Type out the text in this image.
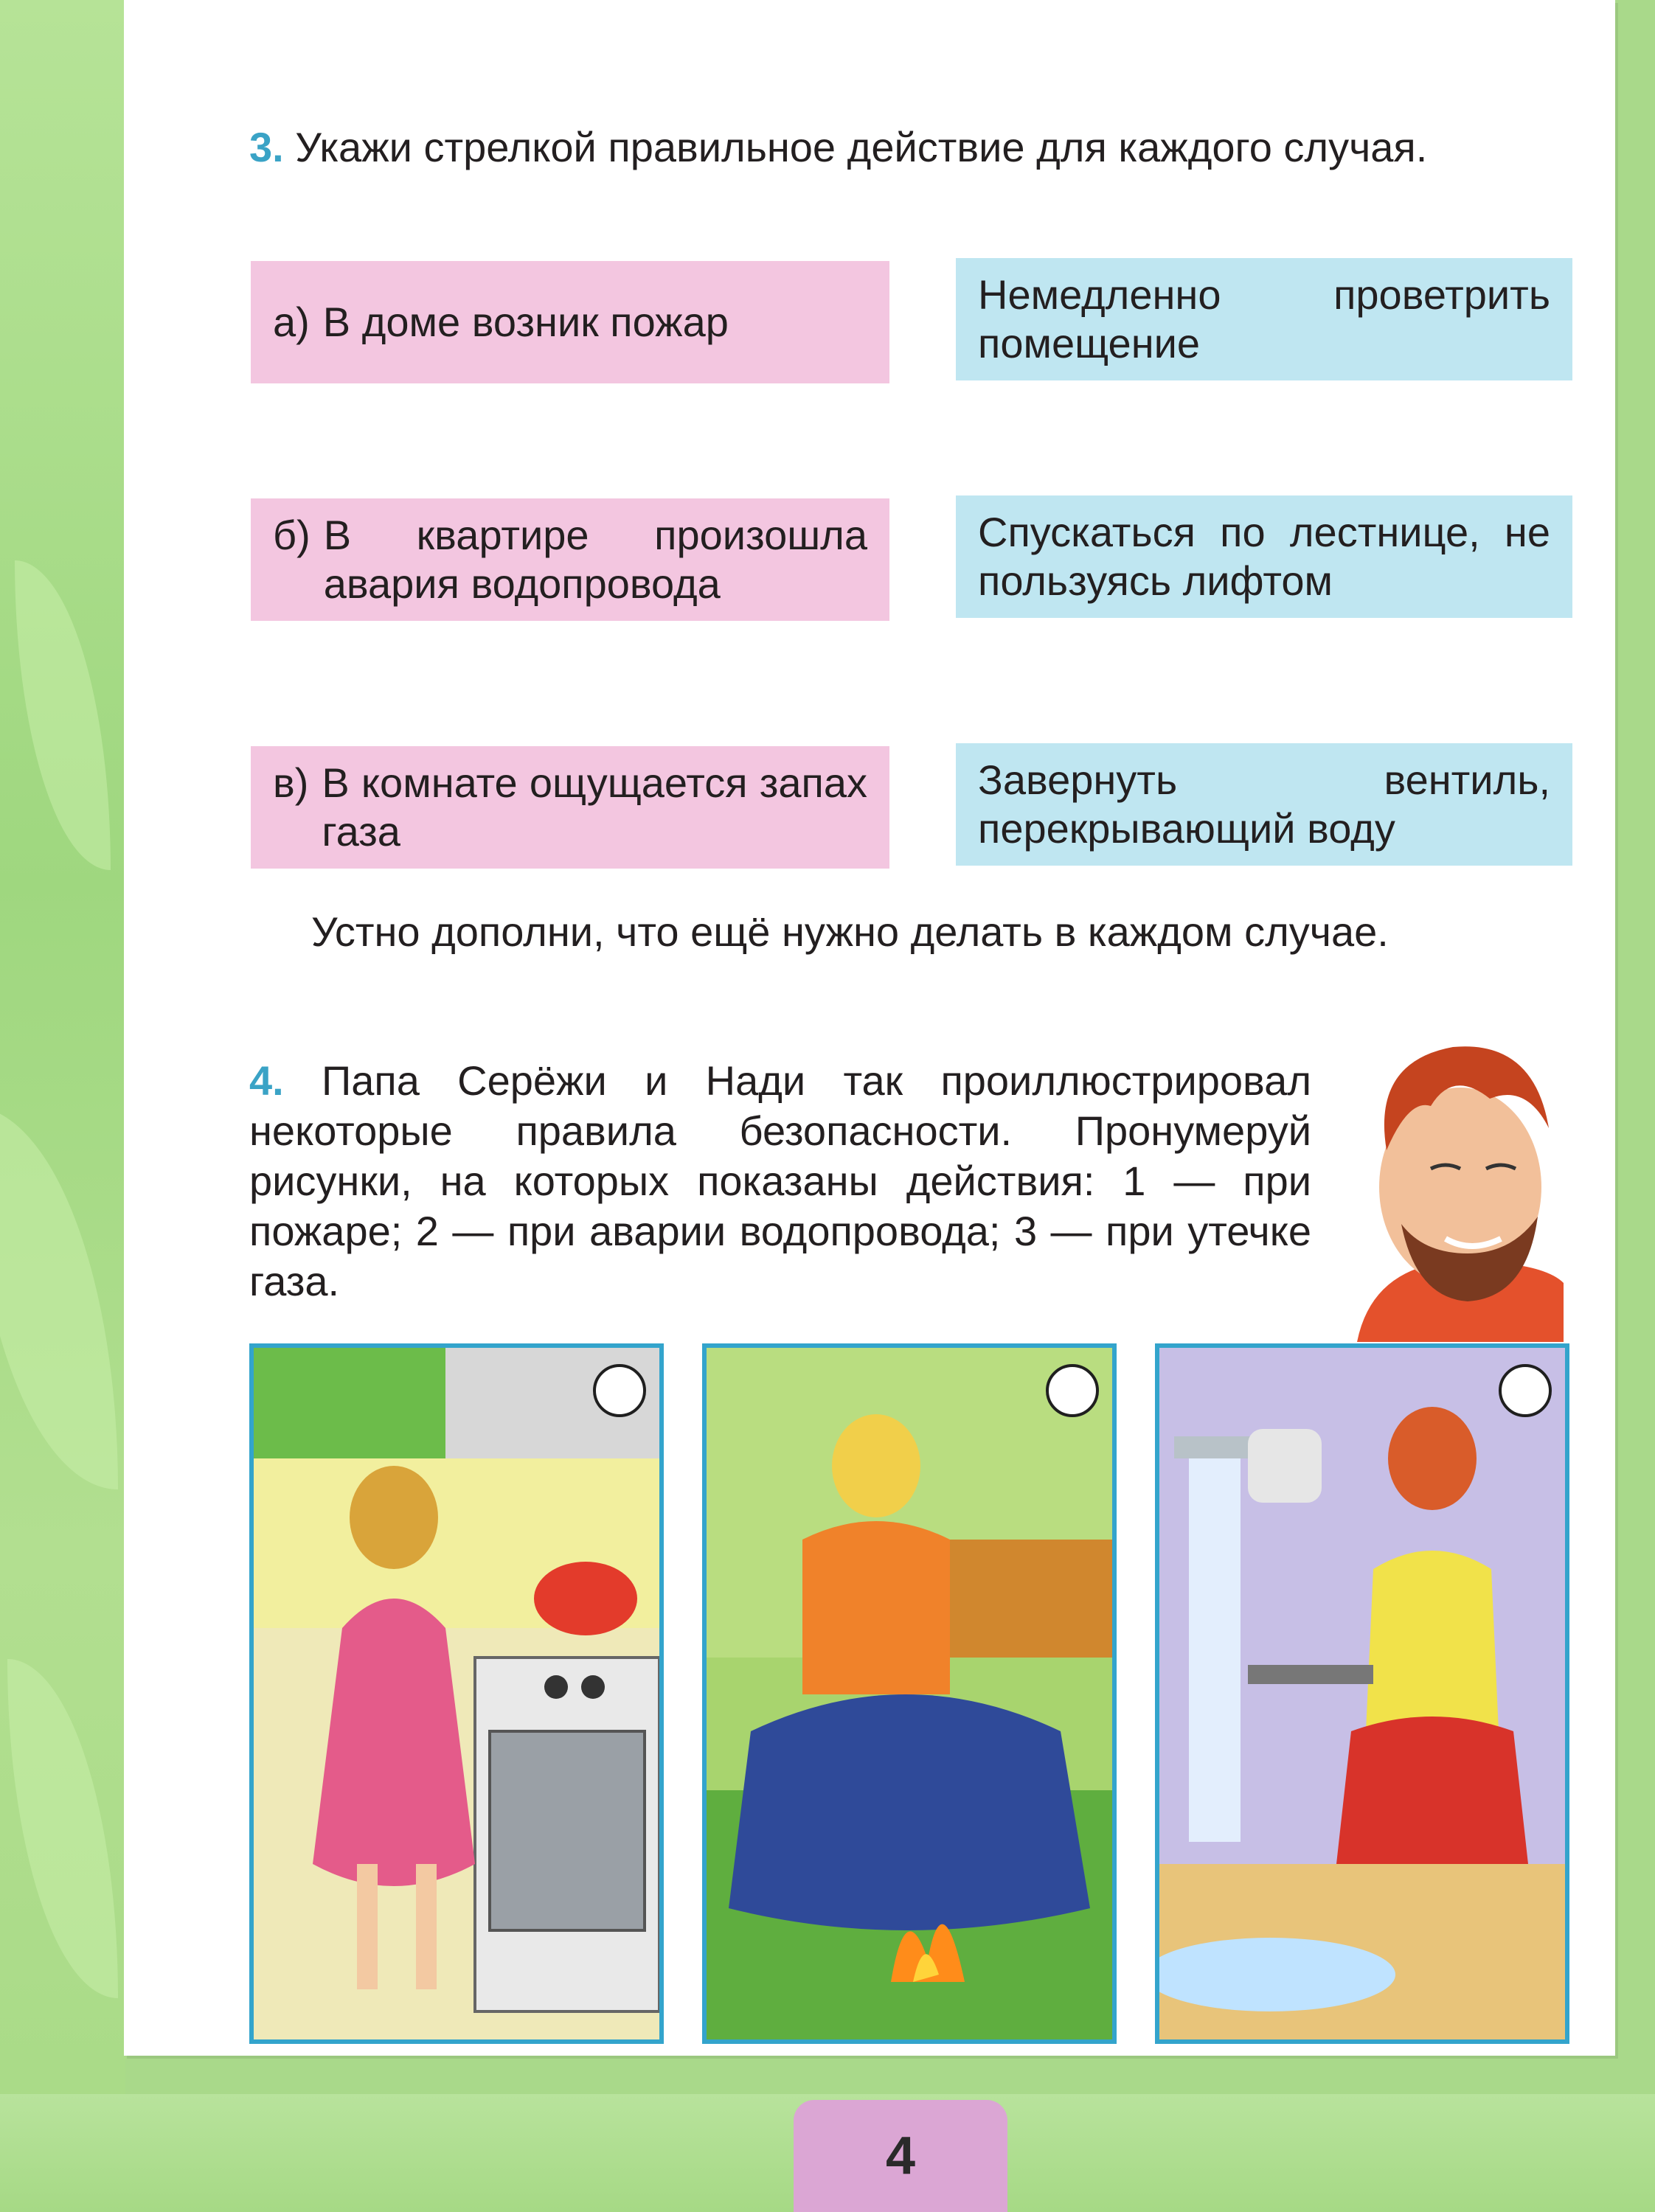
3. Укажи стрелкой правильное действие для каждого случая.
а) В доме возник пожар
б) В квартире произошла авария водопровода
в) В комнате ощущается запах газа
Немедленно проветрить помещение
Спускаться по лестнице, не пользуясь лифтом
Завернуть вентиль, перекрывающий воду
Устно дополни, что ещё нужно делать в каждом случае.
4. Папа Серёжи и Нади так проиллюстрировал некоторые правила безопасности. Пронумеруй рисунки, на которых показаны действия: 1 — при пожаре; 2 — при аварии водопровода; 3 — при утечке газа.
4
